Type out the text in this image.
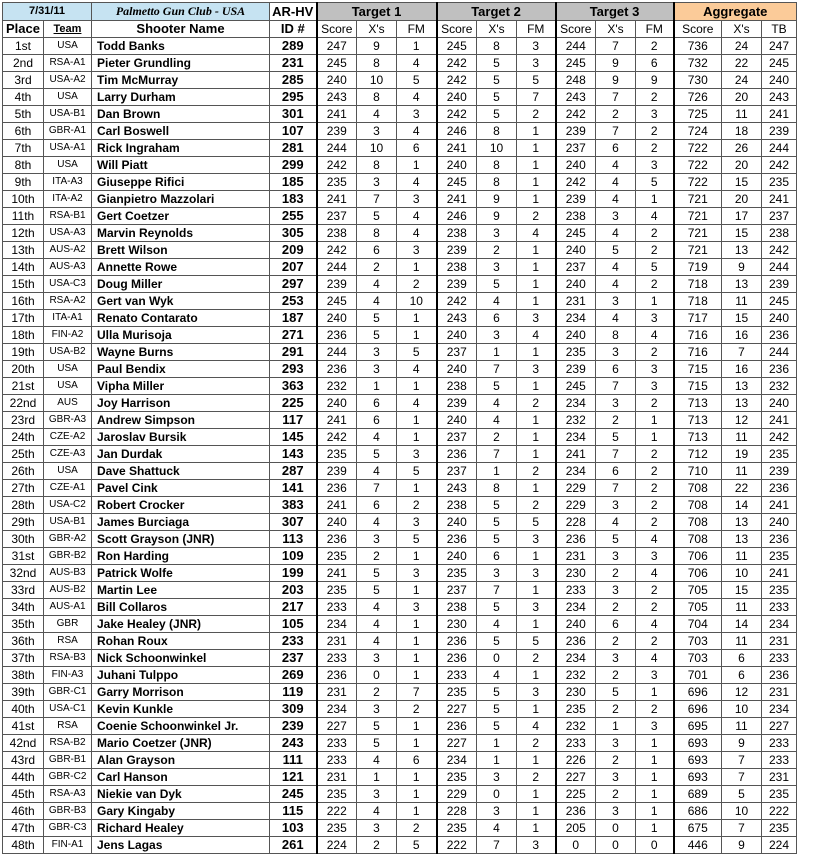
7/31/11		Palmetto Gun Club - USA	AR-HV	Target 1			Target 2			Target 3			Aggregate		
Place	Team	Shooter Name	ID #	Score	X's	FM	Score	X's	FM	Score	X's	FM	Score	X's	TB
1st	USA	Todd Banks	289	247	9	1	245	8	3	244	7	2	736	24	247
2nd	RSA-A1	Pieter Grundling	231	245	8	4	242	5	3	245	9	6	732	22	245
3rd	USA-A2	Tim McMurray	285	240	10	5	242	5	5	248	9	9	730	24	240
4th	USA	Larry Durham	295	243	8	4	240	5	7	243	7	2	726	20	243
5th	USA-B1	Dan Brown	301	241	4	3	242	5	2	242	2	3	725	11	241
6th	GBR-A1	Carl Boswell	107	239	3	4	246	8	1	239	7	2	724	18	239
7th	USA-A1	Rick Ingraham	281	244	10	6	241	10	1	237	6	2	722	26	244
8th	USA	Will Piatt	299	242	8	1	240	8	1	240	4	3	722	20	242
9th	ITA-A3	Giuseppe Rifici	185	235	3	4	245	8	1	242	4	5	722	15	235
10th	ITA-A2	Gianpietro Mazzolari	183	241	7	3	241	9	1	239	4	1	721	20	241
11th	RSA-B1	Gert Coetzer	255	237	5	4	246	9	2	238	3	4	721	17	237
12th	USA-A3	Marvin Reynolds	305	238	8	4	238	3	4	245	4	2	721	15	238
13th	AUS-A2	Brett Wilson	209	242	6	3	239	2	1	240	5	2	721	13	242
14th	AUS-A3	Annette Rowe	207	244	2	1	238	3	1	237	4	5	719	9	244
15th	USA-C3	Doug Miller	297	239	4	2	239	5	1	240	4	2	718	13	239
16th	RSA-A2	Gert van Wyk	253	245	4	10	242	4	1	231	3	1	718	11	245
17th	ITA-A1	Renato Contarato	187	240	5	1	243	6	3	234	4	3	717	15	240
18th	FIN-A2	Ulla Murisoja	271	236	5	1	240	3	4	240	8	4	716	16	236
19th	USA-B2	Wayne Burns	291	244	3	5	237	1	1	235	3	2	716	7	244
20th	USA	Paul Bendix	293	236	3	4	240	7	3	239	6	3	715	16	236
21st	USA	Vipha Miller	363	232	1	1	238	5	1	245	7	3	715	13	232
22nd	AUS	Joy Harrison	225	240	6	4	239	4	2	234	3	2	713	13	240
23rd	GBR-A3	Andrew Simpson	117	241	6	1	240	4	1	232	2	1	713	12	241
24th	CZE-A2	Jaroslav Bursik	145	242	4	1	237	2	1	234	5	1	713	11	242
25th	CZE-A3	Jan Durdak	143	235	5	3	236	7	1	241	7	2	712	19	235
26th	USA	Dave Shattuck	287	239	4	5	237	1	2	234	6	2	710	11	239
27th	CZE-A1	Pavel Cink	141	236	7	1	243	8	1	229	7	2	708	22	236
28th	USA-C2	Robert Crocker	383	241	6	2	238	5	2	229	3	2	708	14	241
29th	USA-B1	James Burciaga	307	240	4	3	240	5	5	228	4	2	708	13	240
30th	GBR-A2	Scott Grayson (JNR)	113	236	3	5	236	5	3	236	5	4	708	13	236
31st	GBR-B2	Ron Harding	109	235	2	1	240	6	1	231	3	3	706	11	235
32nd	AUS-B3	Patrick Wolfe	199	241	5	3	235	3	3	230	2	4	706	10	241
33rd	AUS-B2	Martin Lee	203	235	5	1	237	7	1	233	3	2	705	15	235
34th	AUS-A1	Bill Collaros	217	233	4	3	238	5	3	234	2	2	705	11	233
35th	GBR	Jake Healey (JNR)	105	234	4	1	230	4	1	240	6	4	704	14	234
36th	RSA	Rohan Roux	233	231	4	1	236	5	5	236	2	2	703	11	231
37th	RSA-B3	Nick Schoonwinkel	237	233	3	1	236	0	2	234	3	4	703	6	233
38th	FIN-A3	Juhani Tulppo	269	236	0	1	233	4	1	232	2	3	701	6	236
39th	GBR-C1	Garry Morrison	119	231	2	7	235	5	3	230	5	1	696	12	231
40th	USA-C1	Kevin Kunkle	309	234	3	2	227	5	1	235	2	2	696	10	234
41st	RSA	Coenie Schoonwinkel Jr.	239	227	5	1	236	5	4	232	1	3	695	11	227
42nd	RSA-B2	Mario Coetzer (JNR)	243	233	5	1	227	1	2	233	3	1	693	9	233
43rd	GBR-B1	Alan Grayson	111	233	4	6	234	1	1	226	2	1	693	7	233
44th	GBR-C2	Carl Hanson	121	231	1	1	235	3	2	227	3	1	693	7	231
45th	RSA-A3	Niekie van Dyk	245	235	3	1	229	0	1	225	2	1	689	5	235
46th	GBR-B3	Gary Kingaby	115	222	4	1	228	3	1	236	3	1	686	10	222
47th	GBR-C3	Richard Healey	103	235	3	2	235	4	1	205	0	1	675	7	235
48th	FIN-A1	Jens Lagas	261	224	2	5	222	7	3	0	0	0	446	9	224
